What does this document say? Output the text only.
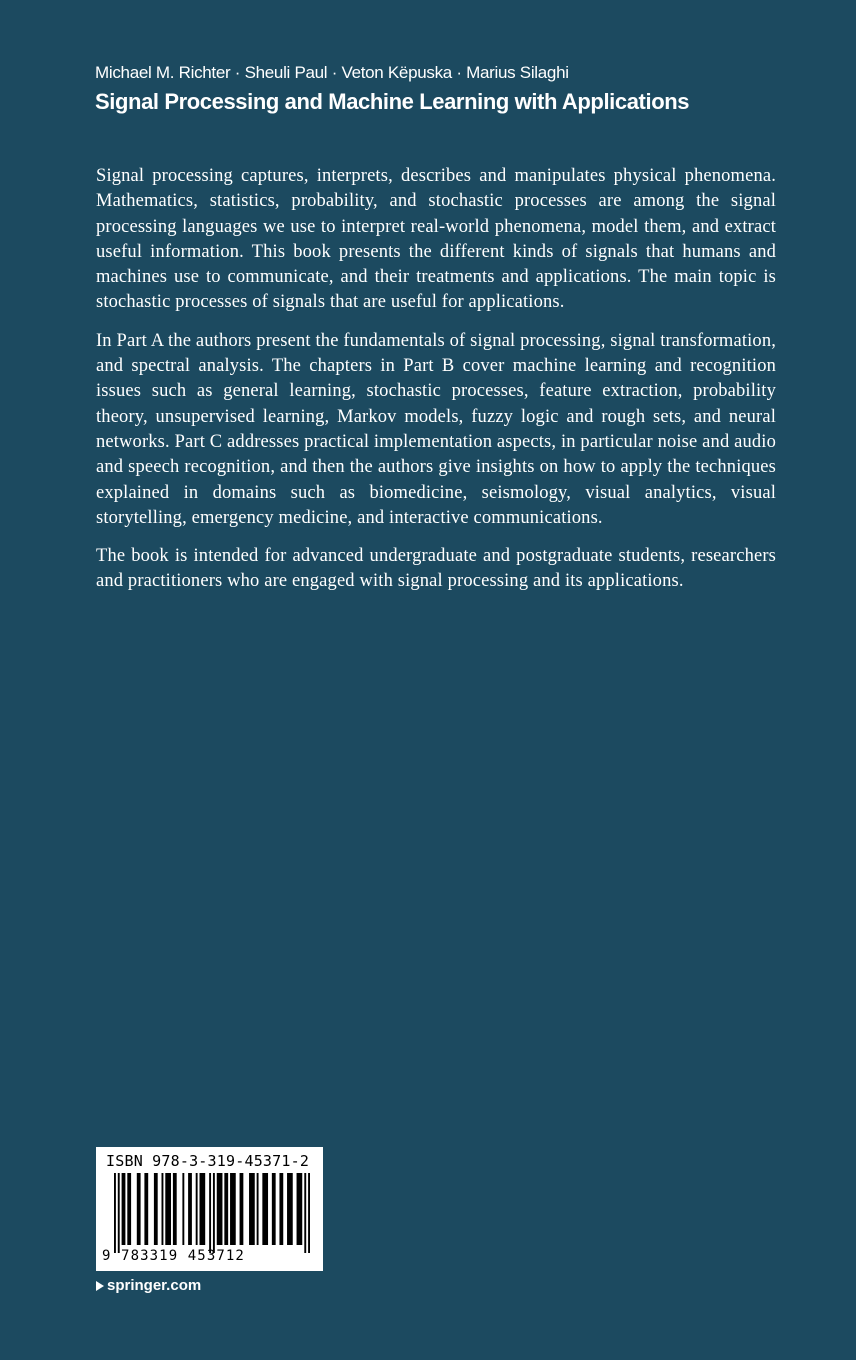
Michael M. Richter · Sheuli Paul · Veton Këpuska · Marius Silaghi
Signal Processing and Machine Learning with Applications

Signal processing captures, interprets, describes and manipulates physical phenomena. Mathematics, statistics, probability, and stochastic processes are among the signal processing languages we use to interpret real-world phenomena, model them, and extract useful information. This book presents the different kinds of signals that humans and machines use to communicate, and their treatments and applications. The main topic is stochastic processes of signals that are useful for applications.

In Part A the authors present the fundamentals of signal processing, signal transformation, and spectral analysis. The chapters in Part B cover machine learning and recognition issues such as general learning, stochastic processes, feature extraction, probability theory, unsupervised learning, Markov models, fuzzy logic and rough sets, and neural networks. Part C addresses practical implementation aspects, in particular noise and audio and speech recognition, and then the authors give insights on how to apply the techniques explained in domains such as biomedicine, seismology, visual analytics, visual storytelling, emergency medicine, and interactive communications.

The book is intended for advanced undergraduate and postgraduate students, researchers and practitioners who are engaged with signal processing and its applications.

ISBN 978-3-319-45371-2
9 783319 453712
springer.com
